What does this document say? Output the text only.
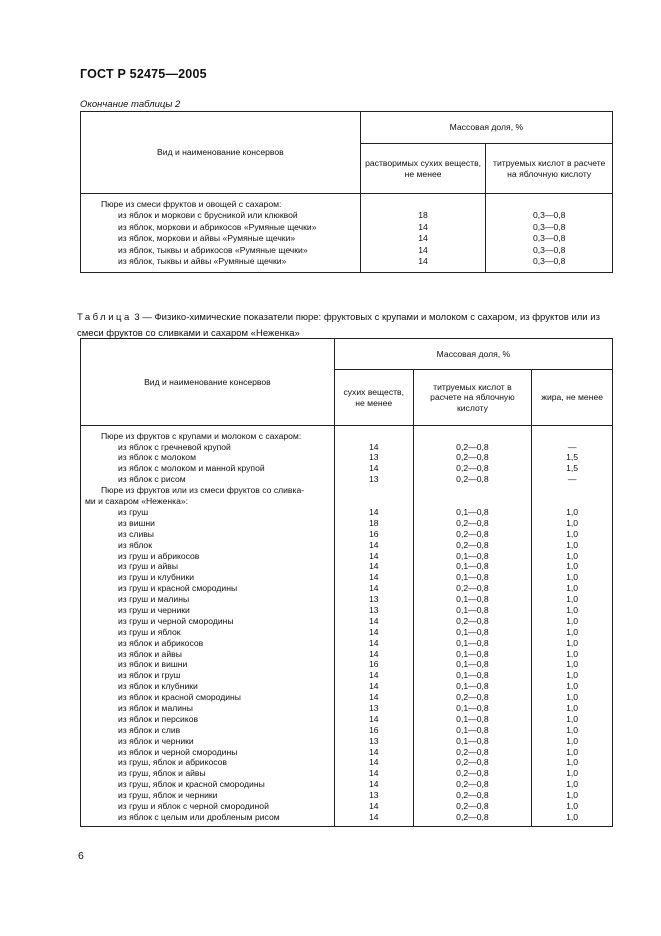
ГОСТ Р 52475—2005
Окончание таблицы 2
Вид и наименование консервов	Массовая доля, %	
	растворимых сухих веществ, не менее	титруемых кислот в расчете на яблочную кислоту
Пюре из смеси фруктов и овощей с сахаром:		
из яблок и моркови с брусникой или клюквой	18	0,3—0,8
из яблок, моркови и абрикосов «Румяные щечки»	14	0,3—0,8
из яблок, моркови и айвы «Румяные щечки»	14	0,3—0,8
из яблок, тыквы и абрикосов «Румяные щечки»	14	0,3—0,8
из яблок, тыквы и айвы «Румяные щечки»	14	0,3—0,8
Таблица 3 — Физико-химические показатели пюре: фруктовых с крупами и молоком с сахаром, из фруктов или из смеси фруктов со сливками и сахаром «Неженка»
Вид и наименование консервов	Массовая доля, %		
	сухих веществ, не менее	титруемых кислот в расчете на яблочную кислоту	жира, не менее
Пюре из фруктов с крупами и молоком с сахаром:			
из яблок с гречневой крупой	14	0,2—0,8	—
из яблок с молоком	13	0,2—0,8	1,5
из яблок с молоком и манной крупой	14	0,2—0,8	1,5
из яблок с рисом	13	0,2—0,8	—
Пюре из фруктов или из смеси фруктов со сливка-			
ми и сахаром «Неженка»:			
из груш	14	0,1—0,8	1,0
из вишни	18	0,2—0,8	1,0
из сливы	16	0,2—0,8	1,0
из яблок	14	0,2—0,8	1,0
из груш и абрикосов	14	0,1—0,8	1,0
из груш и айвы	14	0,1—0,8	1,0
из груш и клубники	14	0,1—0,8	1,0
из груш и красной смородины	14	0,2—0,8	1,0
из груш и малины	13	0,1—0,8	1,0
из груш и черники	13	0,1—0,8	1,0
из груш и черной смородины	14	0,2—0,8	1,0
из груш и яблок	14	0,1—0,8	1,0
из яблок и абрикосов	14	0,1—0,8	1,0
из яблок и айвы	14	0,1—0,8	1,0
из яблок и вишни	16	0,1—0,8	1,0
из яблок и груш	14	0,1—0,8	1,0
из яблок и клубники	14	0,1—0,8	1,0
из яблок и красной смородины	14	0,2—0,8	1,0
из яблок и малины	13	0,1—0,8	1,0
из яблок и персиков	14	0,1—0,8	1,0
из яблок и слив	16	0,1—0,8	1,0
из яблок и черники	13	0,1—0,8	1,0
из яблок и черной смородины	14	0,2—0,8	1,0
из груш, яблок и абрикосов	14	0,2—0,8	1,0
из груш, яблок и айвы	14	0,2—0,8	1,0
из груш, яблок и красной смородины	14	0,2—0,8	1,0
из груш, яблок и черники	13	0,2—0,8	1,0
из груш и яблок с черной смородиной	14	0,2—0,8	1,0
из яблок с целым или дробленым рисом	14	0,2—0,8	1,0
6
